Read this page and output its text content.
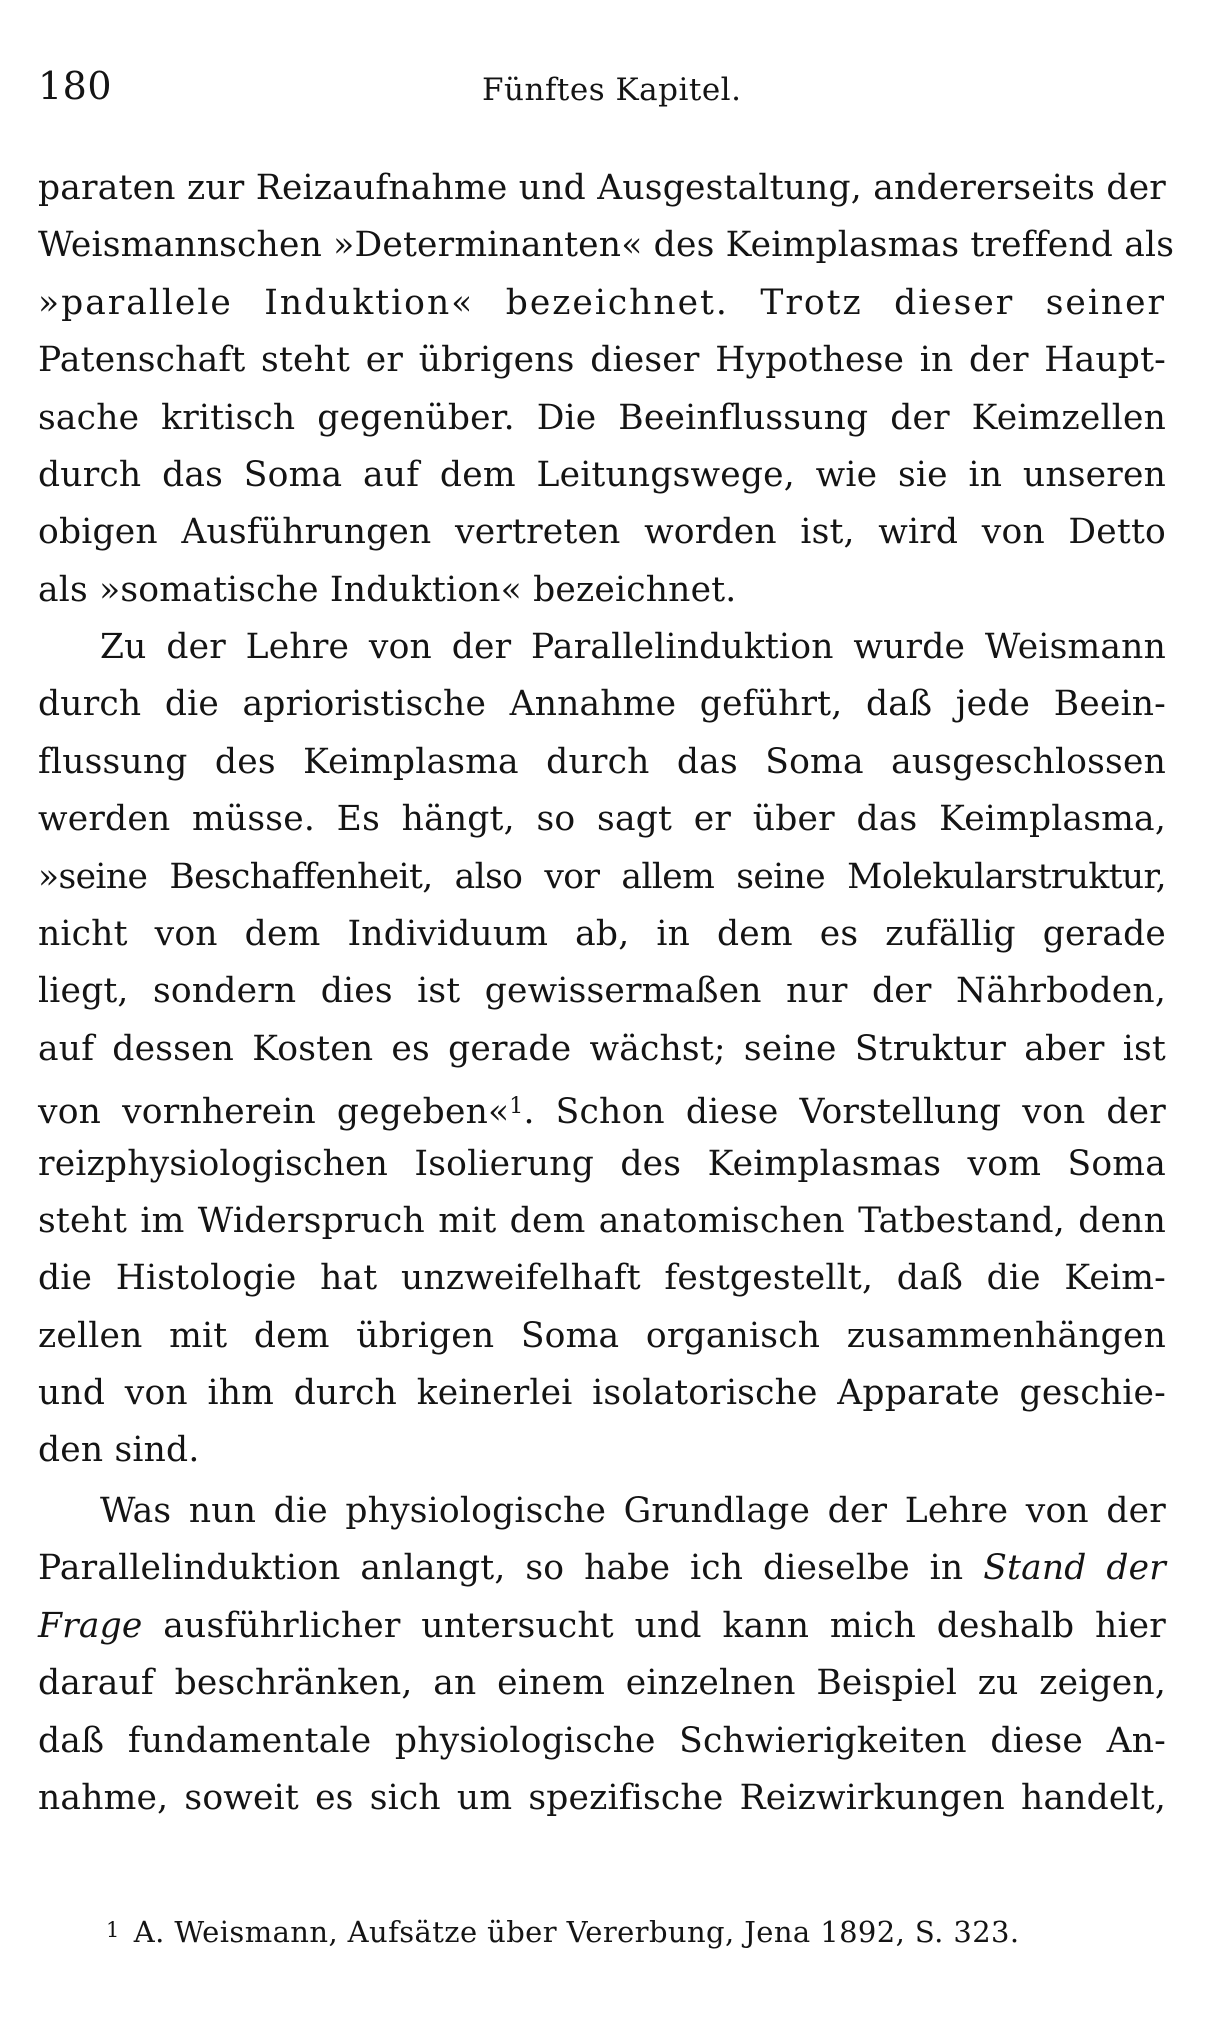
180	Fünftes Kapitel.
paraten zur Reizaufnahme und Ausgestaltung, andererseits der
Weismannschen »Determinanten« des Keimplasmas treffend als
»parallele Induktion« bezeichnet. Trotz dieser seiner
Patenschaft steht er übrigens dieser Hypothese in der Haupt-
sache kritisch gegenüber. Die Beeinflussung der Keimzellen
durch das Soma auf dem Leitungswege, wie sie in unseren
obigen Ausführungen vertreten worden ist, wird von Detto
als »somatische Induktion« bezeichnet.
Zu der Lehre von der Parallelinduktion wurde Weismann
durch die aprioristische Annahme geführt, daß jede Beein-
flussung des Keimplasma durch das Soma ausgeschlossen
werden müsse. Es hängt, so sagt er über das Keimplasma,
»seine Beschaffenheit, also vor allem seine Molekularstruktur,
nicht von dem Individuum ab, in dem es zufällig gerade
liegt, sondern dies ist gewissermaßen nur der Nährboden,
auf dessen Kosten es gerade wächst; seine Struktur aber ist
von vornherein gegeben«$^1$. Schon diese Vorstellung von der
reizphysiologischen Isolierung des Keimplasmas vom Soma
steht im Widerspruch mit dem anatomischen Tatbestand, denn
die Histologie hat unzweifelhaft festgestellt, daß die Keim-
zellen mit dem übrigen Soma organisch zusammenhängen
und von ihm durch keinerlei isolatorische Apparate geschie-
den sind.
Was nun die physiologische Grundlage der Lehre von der
Parallelinduktion anlangt, so habe ich dieselbe in Stand der
Frage ausführlicher untersucht und kann mich deshalb hier
darauf beschränken, an einem einzelnen Beispiel zu zeigen,
daß fundamentale physiologische Schwierigkeiten diese An-
nahme, soweit es sich um spezifische Reizwirkungen handelt,
1 A. Weismann, Aufsätze über Vererbung, Jena 1892, S. 323.
